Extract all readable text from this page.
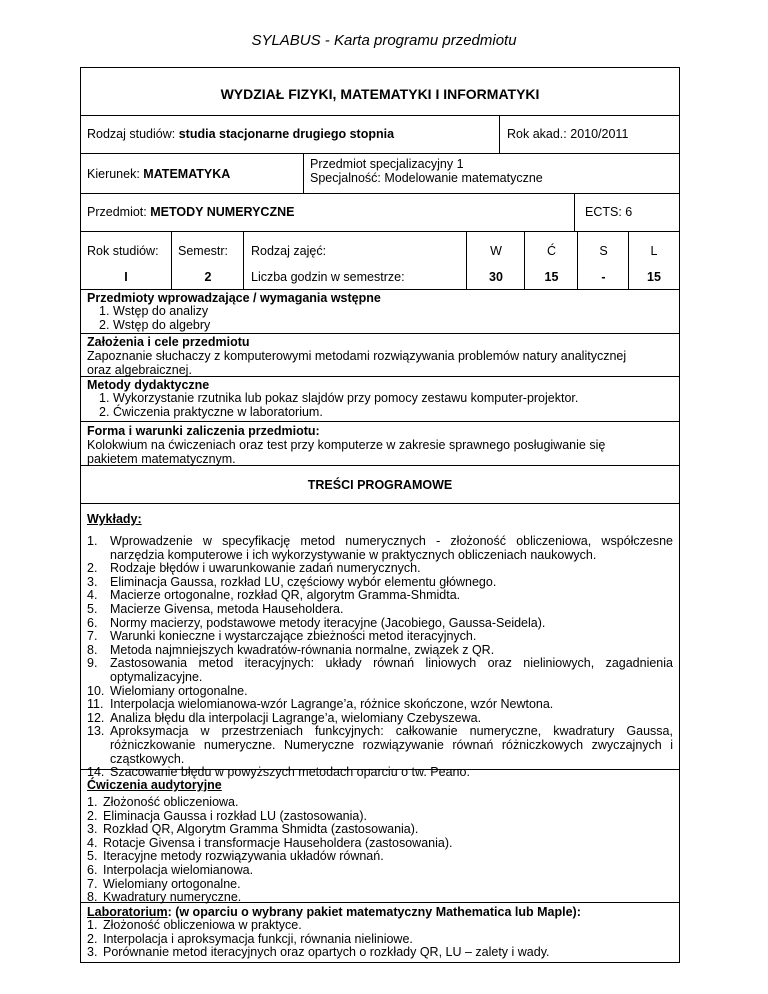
SYLABUS - Karta programu przedmiotu
WYDZIAŁ FIZYKI, MATEMATYKI I INFORMATYKI
Rodzaj studiów: studia stacjonarne drugiego stopnia	Rok akad.: 2010/2011
Kierunek: MATEMATYKA
Przedmiot specjalizacyjny 1
Specjalność: Modelowanie matematyczne
Przedmiot: METODY NUMERYCZNE	ECTS: 6
Rok studiów:
I
Semestr:
2
Rodzaj zajęć:
Liczba godzin w semestrze:
W
30
Ć
15
S
-
L
15
Przedmioty wprowadzające / wymagania wstępne
1. Wstęp do analizy
2. Wstęp do algebry
Założenia i cele przedmiotu
Zapoznanie słuchaczy z komputerowymi metodami rozwiązywania problemów natury analitycznej
oraz algebraicznej.
Metody dydaktyczne
1. Wykorzystanie rzutnika lub pokaz slajdów przy pomocy zestawu komputer-projektor.
2. Ćwiczenia praktyczne w laboratorium.
Forma i warunki zaliczenia przedmiotu:
Kolokwium na ćwiczeniach oraz test przy komputerze w zakresie sprawnego posługiwanie się
pakietem matematycznym.
TREŚCI PROGRAMOWE
Wykłady:
1. Wprowadzenie w specyfikację metod numerycznych - złożoność obliczeniowa, współczesne narzędzia komputerowe i ich wykorzystywanie w praktycznych obliczeniach naukowych.
2. Rodzaje błędów i uwarunkowanie zadań numerycznych.
3. Eliminacja Gaussa, rozkład LU, częściowy wybór elementu głównego.
4. Macierze ortogonalne, rozkład QR, algorytm Gramma-Shmidta.
5. Macierze Givensa, metoda Hauseholdera.
6. Normy macierzy, podstawowe metody iteracyjne (Jacobiego, Gaussa-Seidela).
7. Warunki konieczne i wystarczające zbieżności metod iteracyjnych.
8. Metoda najmniejszych kwadratów-równania normalne, związek z QR.
9. Zastosowania metod iteracyjnych: układy równań liniowych oraz nieliniowych, zagadnienia optymalizacyjne.
10. Wielomiany ortogonalne.
11. Interpolacja wielomianowa-wzór Lagrange’a, różnice skończone, wzór Newtona.
12. Analiza błędu dla interpolacji Lagrange’a, wielomiany Czebyszewa.
13. Aproksymacja w przestrzeniach funkcyjnych: całkowanie numeryczne, kwadratury Gaussa, różniczkowanie numeryczne. Numeryczne rozwiązywanie równań różniczkowych zwyczajnych i cząstkowych.
14. Szacowanie błędu w powyższych metodach oparciu o tw. Peano.
Ćwiczenia audytoryjne
1. Złożoność obliczeniowa.
2. Eliminacja Gaussa i rozkład LU (zastosowania).
3. Rozkład QR, Algorytm Gramma Shmidta (zastosowania).
4. Rotacje Givensa i transformacje Hauseholdera (zastosowania).
5. Iteracyjne metody rozwiązywania układów równań.
6. Interpolacja wielomianowa.
7. Wielomiany ortogonalne.
8. Kwadratury numeryczne.
Laboratorium: (w oparciu o wybrany pakiet matematyczny Mathematica lub Maple):
1. Złożoność obliczeniowa w praktyce.
2. Interpolacja i aproksymacja funkcji, równania nieliniowe.
3. Porównanie metod iteracyjnych oraz opartych o rozkłady QR, LU – zalety i wady.
